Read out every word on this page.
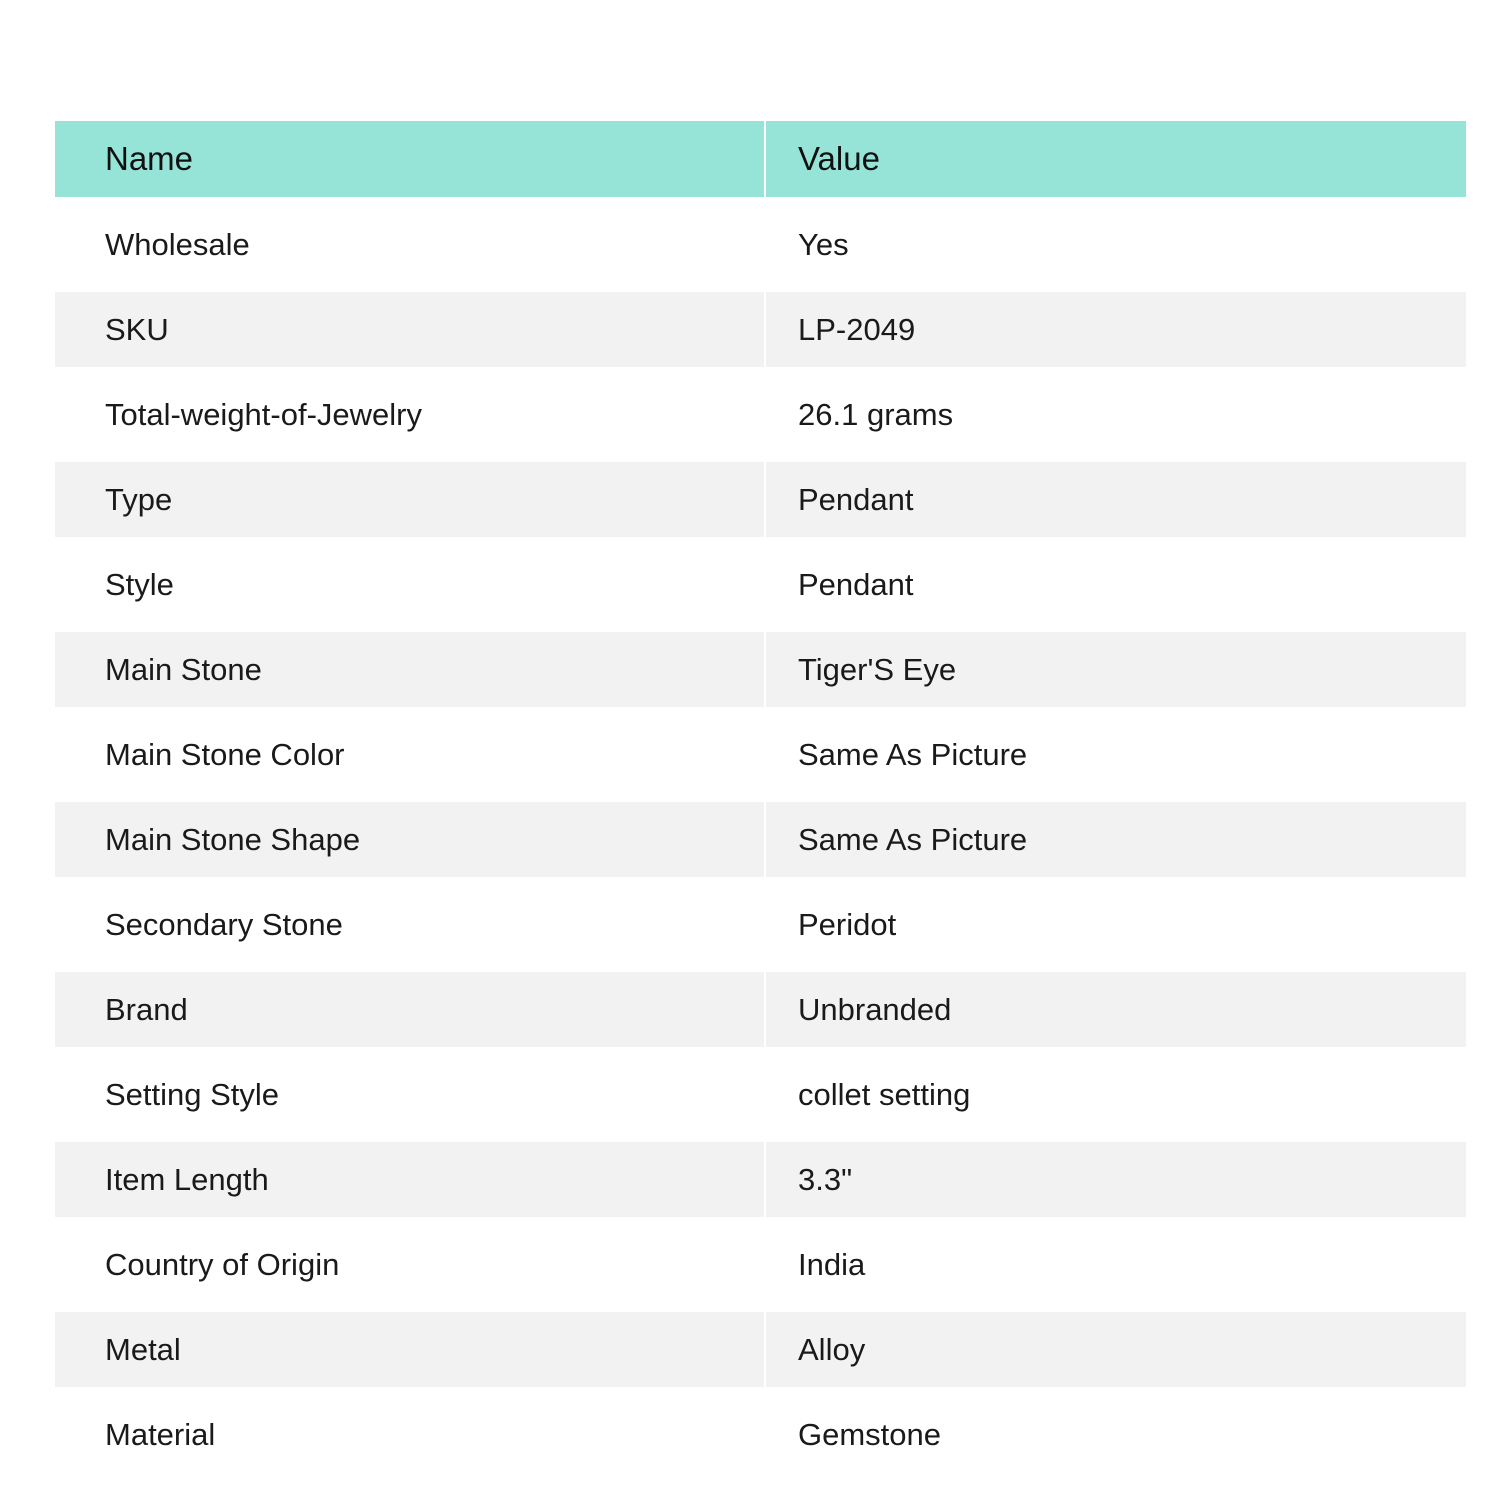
Name	Value
Wholesale	Yes
SKU	LP-2049
Total-weight-of-Jewelry	26.1 grams
Type	Pendant
Style	Pendant
Main Stone	Tiger'S Eye
Main Stone Color	Same As Picture
Main Stone Shape	Same As Picture
Secondary Stone	Peridot
Brand	Unbranded
Setting Style	collet setting
Item Length	3.3"
Country of Origin	India
Metal	Alloy
Material	Gemstone
